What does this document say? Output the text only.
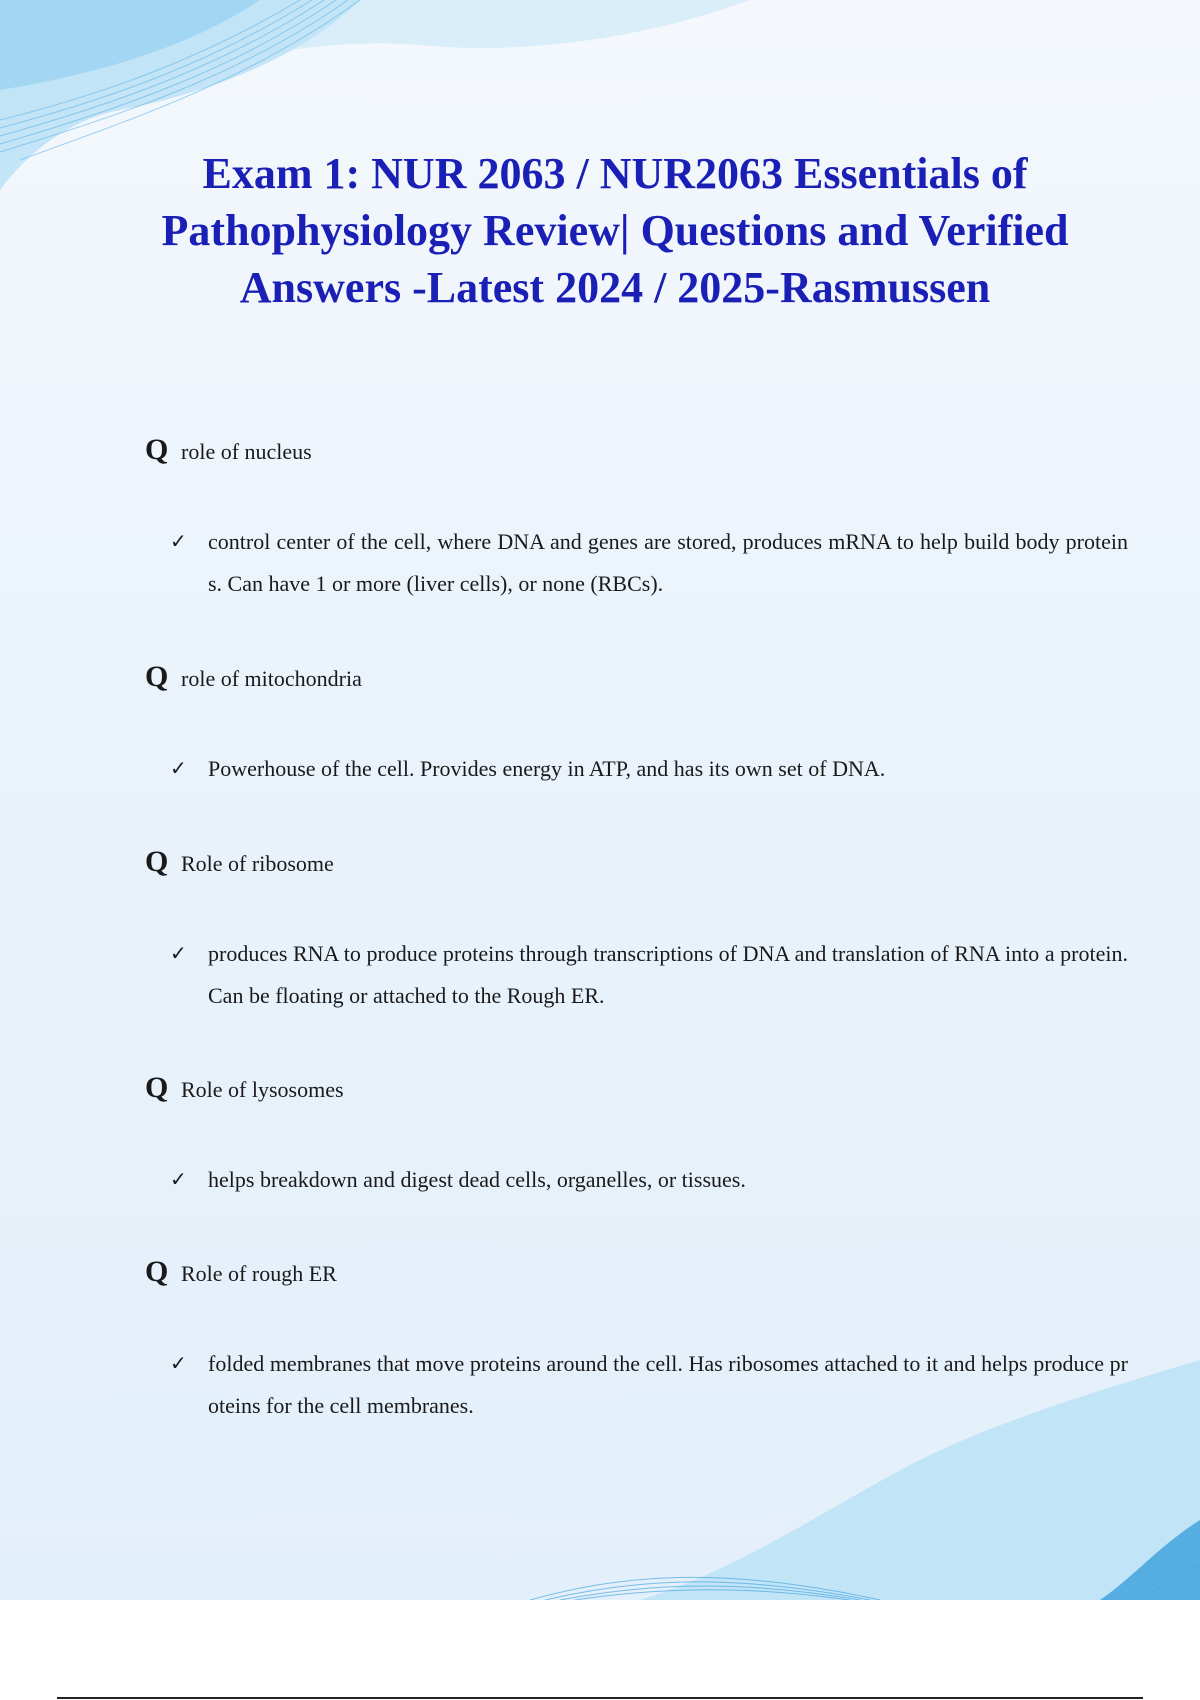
Exam 1: NUR 2063 / NUR2063 Essentials of Pathophysiology Review| Questions and Verified Answers -Latest 2024 / 2025-Rasmussen
Q role of nucleus
✓ control center of the cell, where DNA and genes are stored, produces mRNA to help build body proteins. Can have 1 or more (liver cells), or none (RBCs).
Q role of mitochondria
✓ Powerhouse of the cell. Provides energy in ATP, and has its own set of DNA.
Q Role of ribosome
✓ produces RNA to produce proteins through transcriptions of DNA and translation of RNA into a protein. Can be floating or attached to the Rough ER.
Q Role of lysosomes
✓ helps breakdown and digest dead cells, organelles, or tissues.
Q Role of rough ER
✓ folded membranes that move proteins around the cell. Has ribosomes attached to it and helps produce proteins for the cell membranes.
